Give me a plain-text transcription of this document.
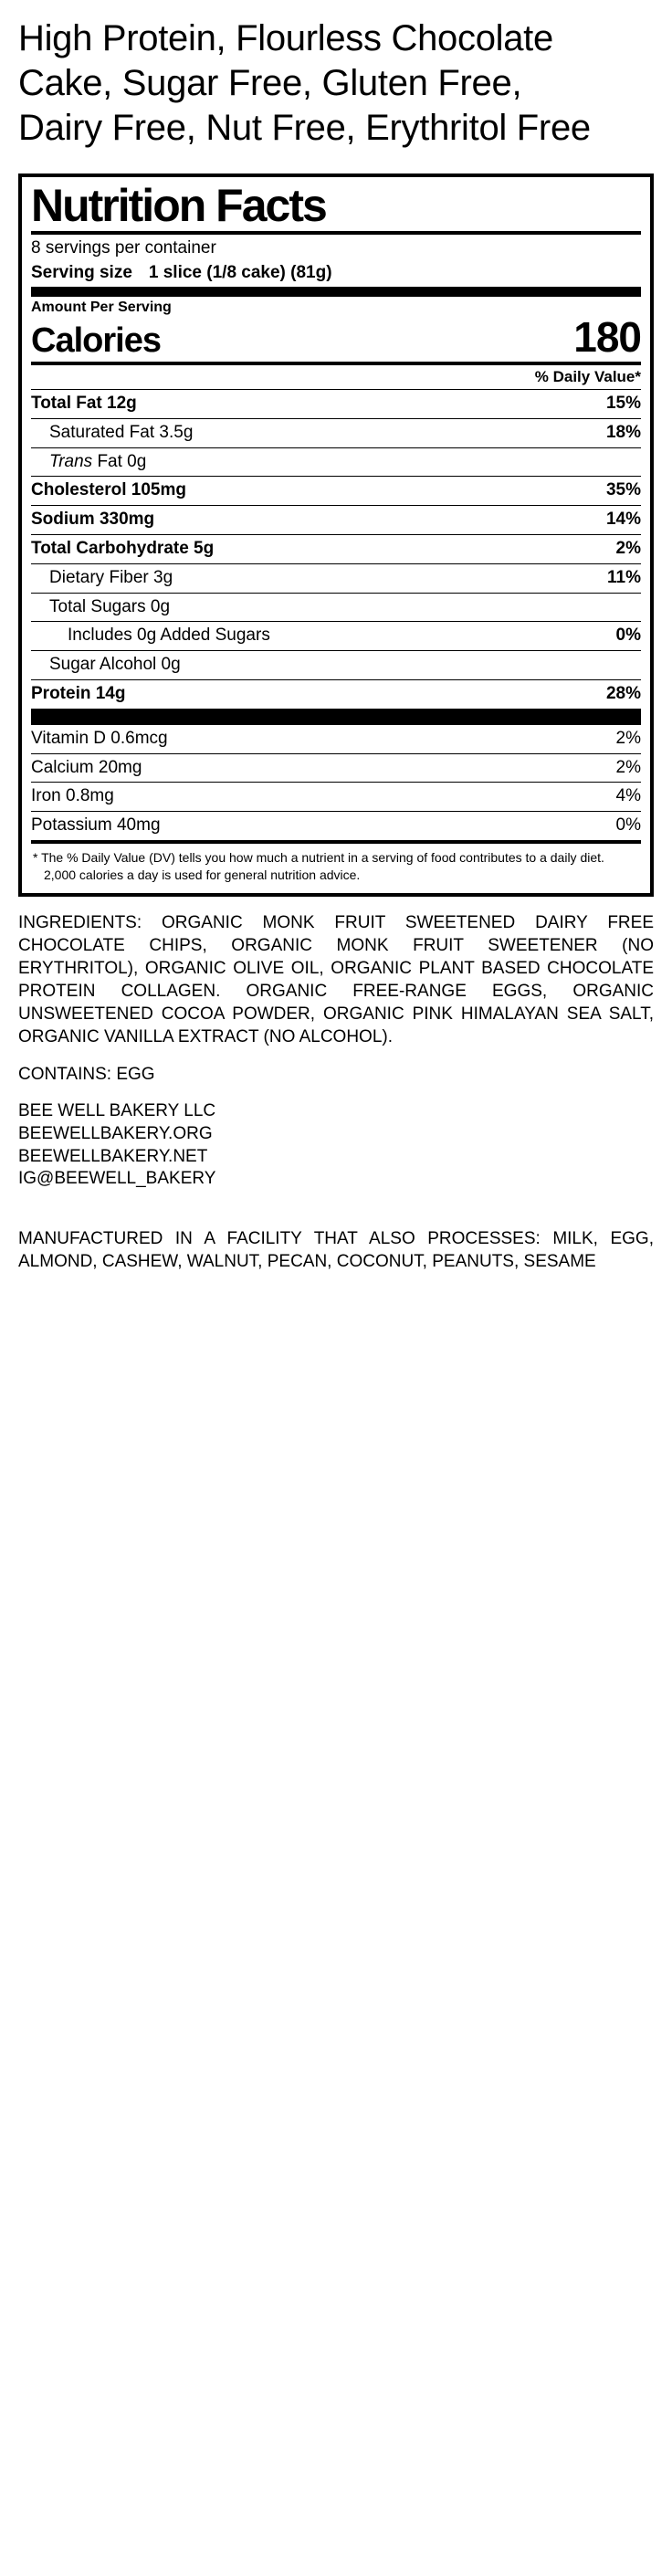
High Protein, Flourless Chocolate Cake, Sugar Free, Gluten Free, Dairy Free, Nut Free, Erythritol Free
Nutrition Facts
8 servings per container
Serving size 1 slice (1/8 cake) (81g)
Amount Per Serving
Calories	180
% Daily Value*
Total Fat 12g	15%
Saturated Fat 3.5g	18%
Trans Fat 0g
Cholesterol 105mg	35%
Sodium 330mg	14%
Total Carbohydrate 5g	2%
Dietary Fiber 3g	11%
Total Sugars 0g
Includes 0g Added Sugars	0%
Sugar Alcohol 0g
Protein 14g	28%
Vitamin D 0.6mcg	2%
Calcium 20mg	2%
Iron 0.8mg	4%
Potassium 40mg	0%
* The % Daily Value (DV) tells you how much a nutrient in a serving of food contributes to a daily diet. 2,000 calories a day is used for general nutrition advice.
INGREDIENTS: ORGANIC MONK FRUIT SWEETENED DAIRY FREE CHOCOLATE CHIPS, ORGANIC MONK FRUIT SWEETENER (NO ERYTHRITOL), ORGANIC OLIVE OIL, ORGANIC PLANT BASED CHOCOLATE PROTEIN COLLAGEN. ORGANIC FREE-RANGE EGGS, ORGANIC UNSWEETENED COCOA POWDER, ORGANIC PINK HIMALAYAN SEA SALT, ORGANIC VANILLA EXTRACT (NO ALCOHOL).
CONTAINS: EGG
BEE WELL BAKERY LLC
BEEWELLBAKERY.ORG
BEEWELLBAKERY.NET
IG@BEEWELL_BAKERY
MANUFACTURED IN A FACILITY THAT ALSO PROCESSES: MILK, EGG, ALMOND, CASHEW, WALNUT, PECAN, COCONUT, PEANUTS, SESAME
